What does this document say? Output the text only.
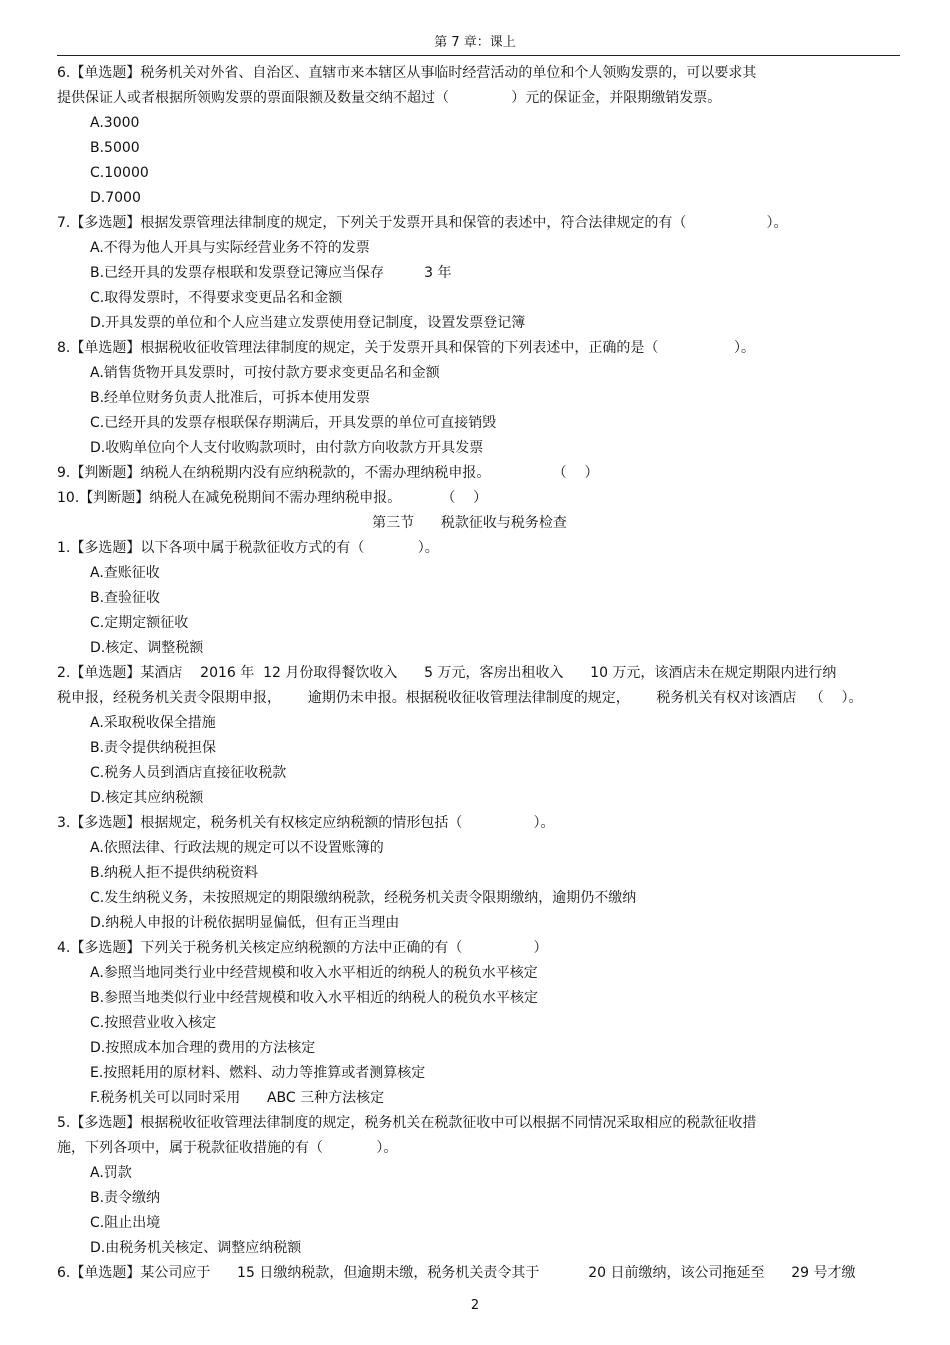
第 7 章：课上
6.【单选题】税务机关对外省、自治区、直辖市来本辖区从事临时经营活动的单位和个人领购发票的，可以要求其
提供保证人或者根据所领购发票的票面限额及数量交纳不超过（              ）元的保证金，并限期缴销发票。
A.3000
B.5000
C.10000
D.7000
7.【多选题】根据发票管理法律制度的规定，下列关于发票开具和保管的表述中，符合法律规定的有（                  ）。
A.不得为他人开具与实际经营业务不符的发票
B.已经开具的发票存根联和发票登记簿应当保存         3 年
C.取得发票时，不得要求变更品名和金额
D.开具发票的单位和个人应当建立发票使用登记制度，设置发票登记簿
8.【单选题】根据税收征收管理法律制度的规定，关于发票开具和保管的下列表述中，正确的是（                 ）。
A.销售货物开具发票时，可按付款方要求变更品名和金额
B.经单位财务负责人批准后，可拆本使用发票
C.已经开具的发票存根联保存期满后，开具发票的单位可直接销毁
D.收购单位向个人支付收购款项时，由付款方向收款方开具发票
9.【判断题】纳税人在纳税期内没有应纳税款的，不需办理纳税申报。              （    ）
10.【判断题】纳税人在减免税期间不需办理纳税申报。         （    ）
第三节      税款征收与税务检查
1.【多选题】以下各项中属于税款征收方式的有（            ）。
A.查账征收
B.查验征收
C.定期定额征收
D.核定、调整税额
2.【单选题】某酒店    2016 年  12 月份取得餐饮收入      5 万元，客房出租收入      10 万元，该酒店未在规定期限内进行纳
税申报，经税务机关责令限期申报，      逾期仍未申报。根据税收征收管理法律制度的规定，      税务机关有权对该酒店   （    ）。
A.采取税收保全措施
B.责令提供纳税担保
C.税务人员到酒店直接征收税款
D.核定其应纳税额
3.【多选题】根据规定，税务机关有权核定应纳税额的情形包括（                ）。
A.依照法律、行政法规的规定可以不设置账簿的
B.纳税人拒不提供纳税资料
C.发生纳税义务，未按照规定的期限缴纳税款，经税务机关责令限期缴纳，逾期仍不缴纳
D.纳税人申报的计税依据明显偏低，但有正当理由
4.【多选题】下列关于税务机关核定应纳税额的方法中正确的有（                ）
A.参照当地同类行业中经营规模和收入水平相近的纳税人的税负水平核定
B.参照当地类似行业中经营规模和收入水平相近的纳税人的税负水平核定
C.按照营业收入核定
D.按照成本加合理的费用的方法核定
E.按照耗用的原材料、燃料、动力等推算或者测算核定
F.税务机关可以同时采用      ABC 三种方法核定
5.【多选题】根据税收征收管理法律制度的规定，税务机关在税款征收中可以根据不同情况采取相应的税款征收措
施，下列各项中，属于税款征收措施的有（            ）。
A.罚款
B.责令缴纳
C.阻止出境
D.由税务机关核定、调整应纳税额
6.【单选题】某公司应于      15 日缴纳税款，但逾期未缴，税务机关责令其于           20 日前缴纳，该公司拖延至      29 号才缴
2
